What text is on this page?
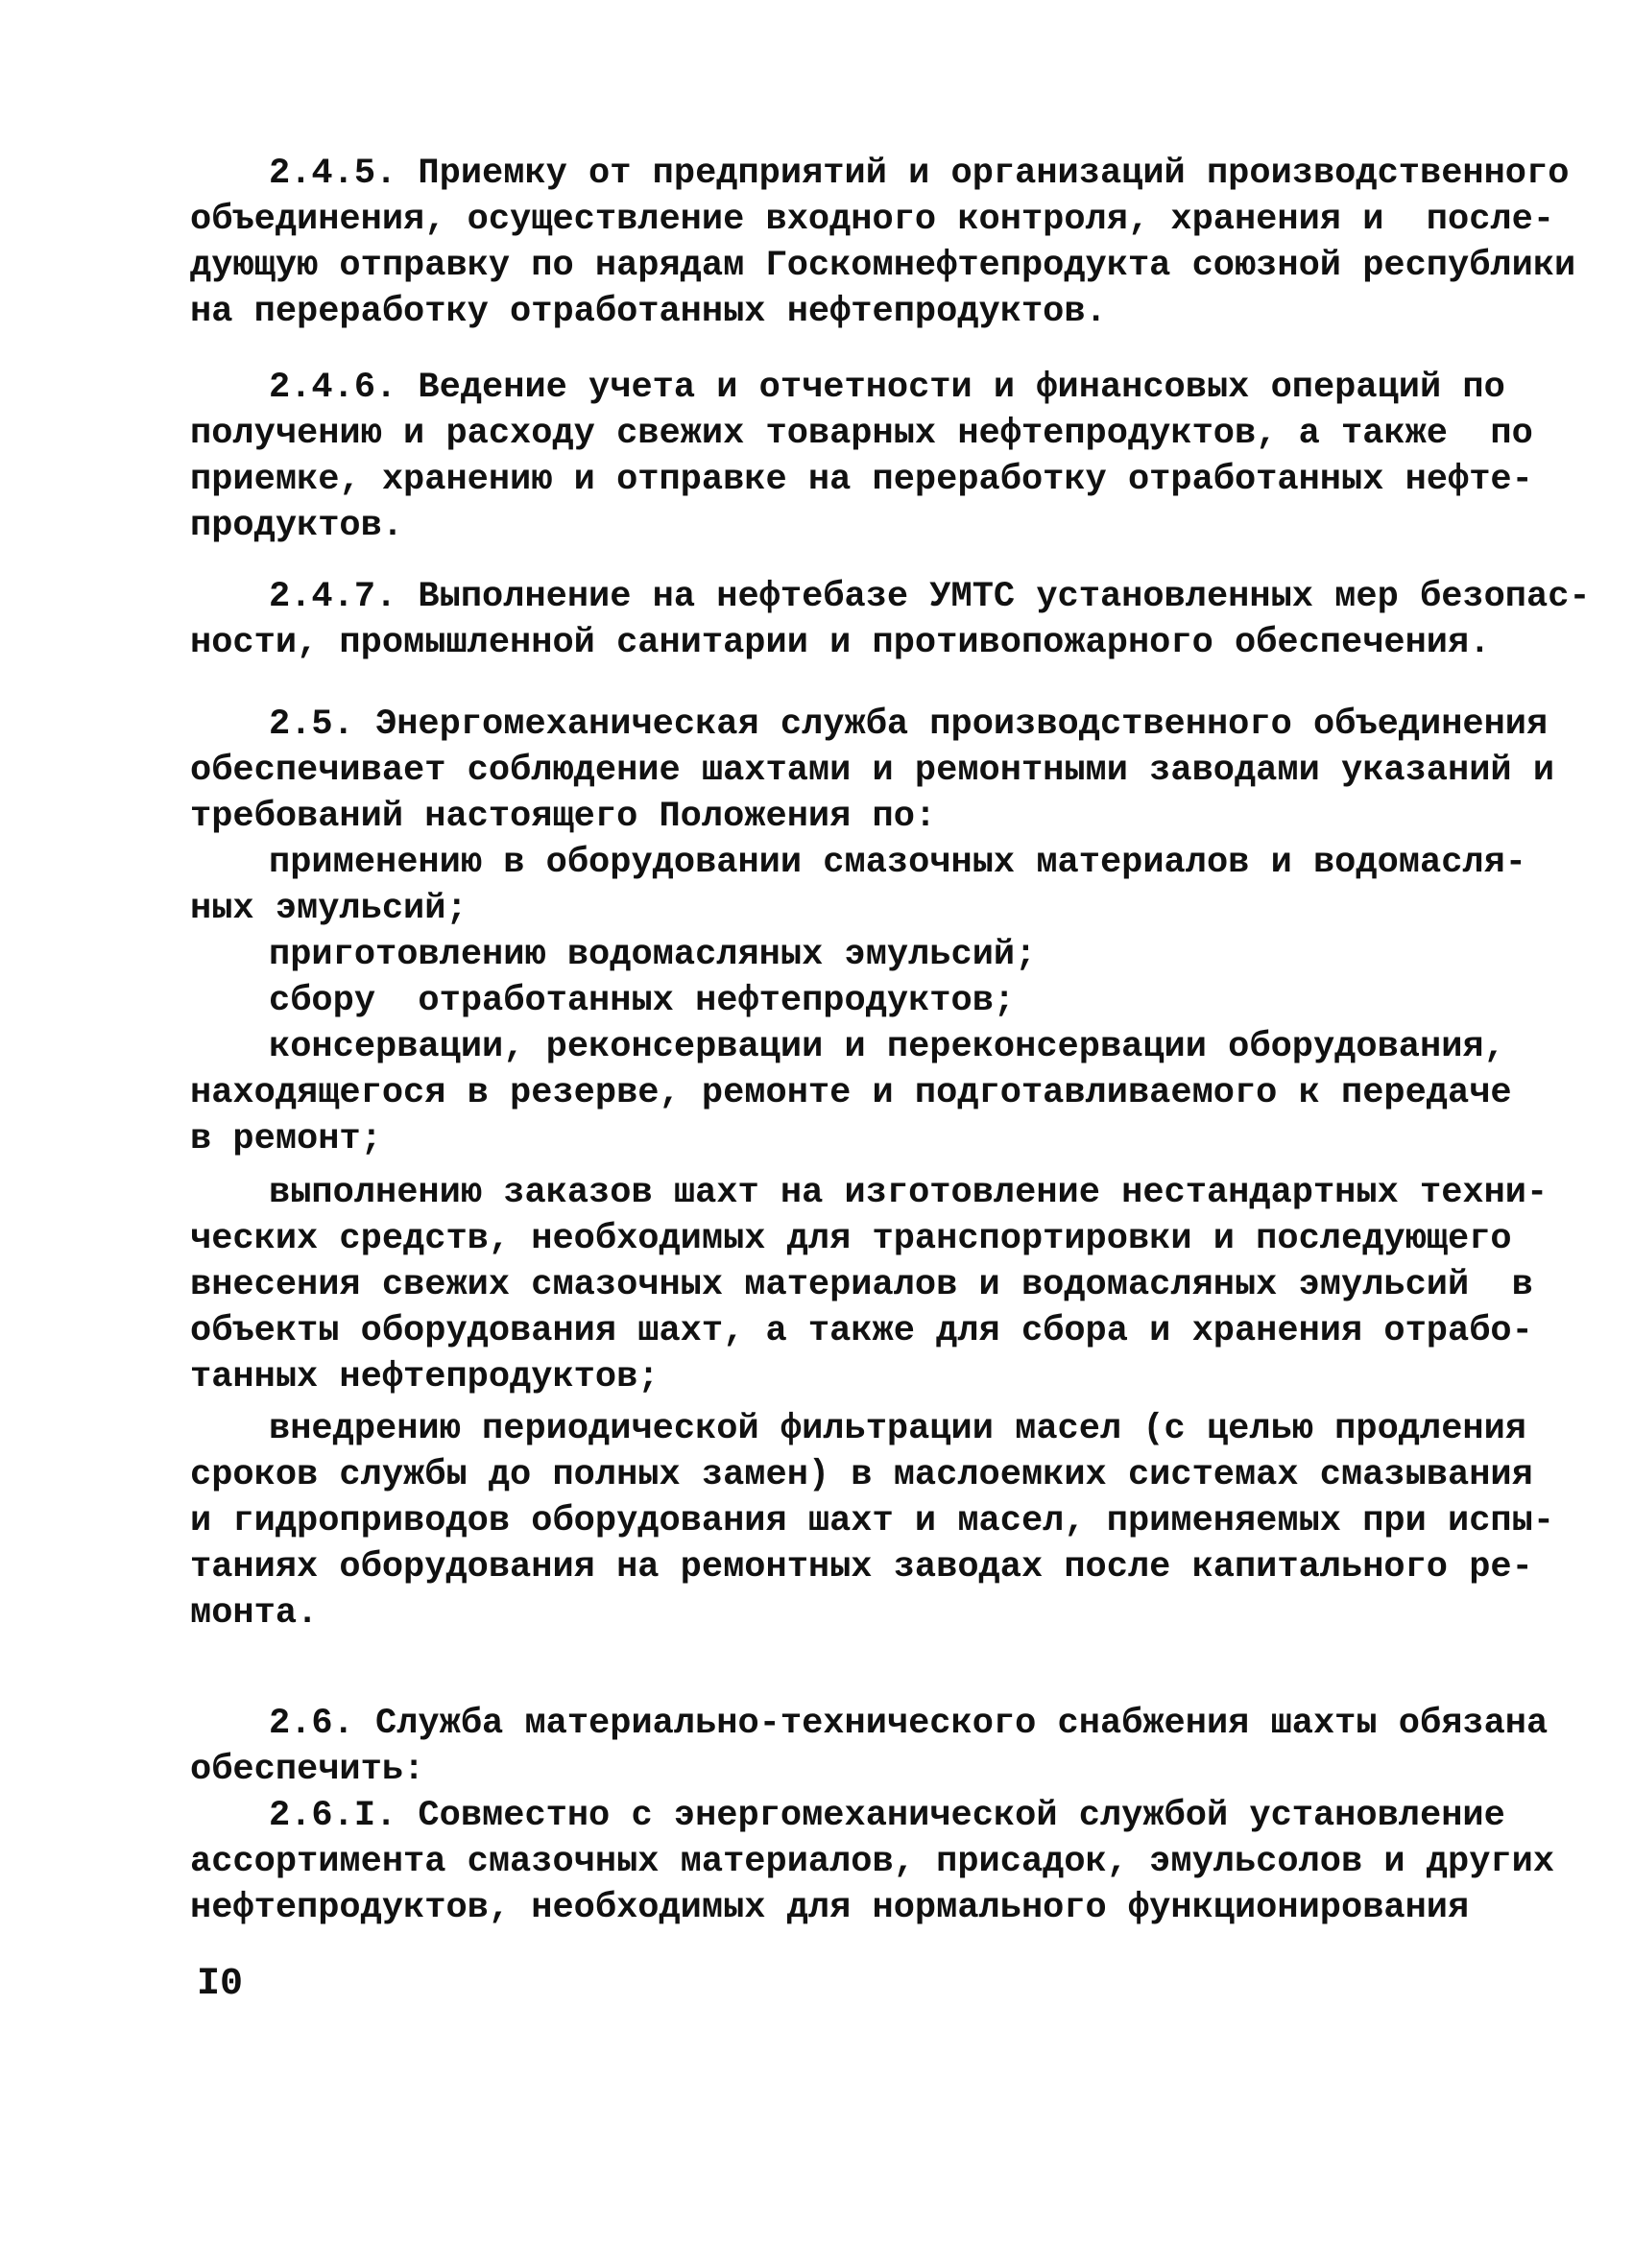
2.4.5. Приемку от предприятий и организаций производственного
объединения, осуществление входного контроля, хранения и  после-
дующую отправку по нарядам Госкомнефтепродукта союзной республики
на переработку отработанных нефтепродуктов.
2.4.6. Ведение учета и отчетности и финансовых операций по
получению и расходу свежих товарных нефтепродуктов, а также  по
приемке, хранению и отправке на переработку отработанных нефте-
продуктов.
2.4.7. Выполнение на нефтебазе УМТС установленных мер безопас-
ности, промышленной санитарии и противопожарного обеспечения.
2.5. Энергомеханическая служба производственного объединения
обеспечивает соблюдение шахтами и ремонтными заводами указаний и
требований настоящего Положения по:
применению в оборудовании смазочных материалов и водомасля-
ных эмульсий;
приготовлению водомасляных эмульсий;
сбору  отработанных нефтепродуктов;
консервации, реконсервации и переконсервации оборудования,
находящегося в резерве, ремонте и подготавливаемого к передаче
в ремонт;
выполнению заказов шахт на изготовление нестандартных техни-
ческих средств, необходимых для транспортировки и последующего
внесения свежих смазочных материалов и водомасляных эмульсий  в
объекты оборудования шахт, а также для сбора и хранения отрабо-
танных нефтепродуктов;
внедрению периодической фильтрации масел (с целью продления
сроков службы до полных замен) в маслоемких системах смазывания
и гидроприводов оборудования шахт и масел, применяемых при испы-
таниях оборудования на ремонтных заводах после капитального ре-
монта.
2.6. Служба материально-технического снабжения шахты обязана
обеспечить:
2.6.I. Совместно с энергомеханической службой установление
ассортимента смазочных материалов, присадок, эмульсолов и других
нефтепродуктов, необходимых для нормального функционирования
I0
